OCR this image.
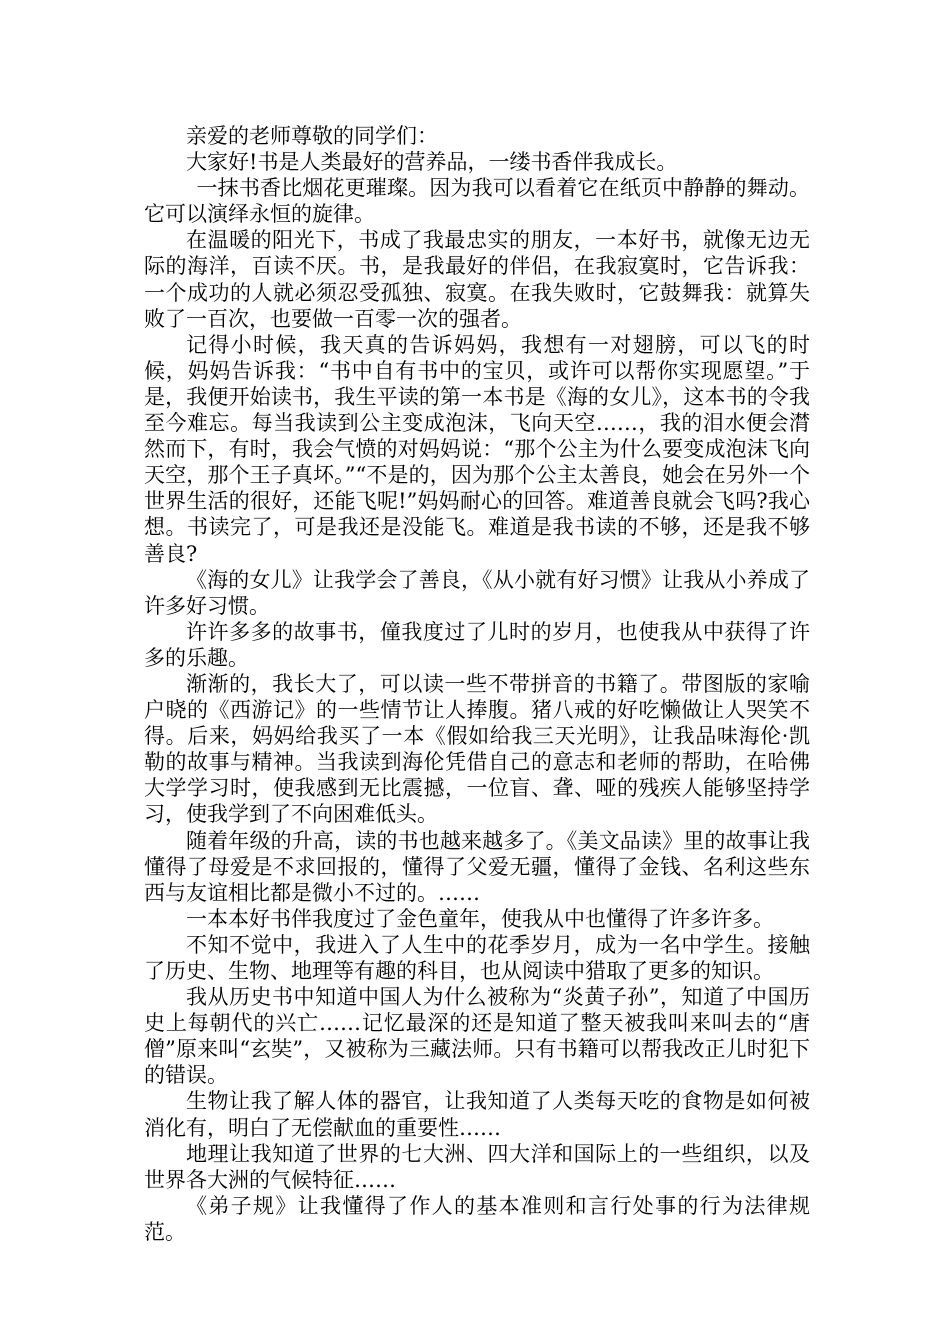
亲爱的老师尊敬的同学们：

大家好!书是人类最好的营养品，一缕书香伴我成长。

一抹书香比烟花更璀璨。因为我可以看着它在纸页中静静的舞动。它可以演绎永恒的旋律。

在温暖的阳光下，书成了我最忠实的朋友，一本好书，就像无边无际的海洋，百读不厌。书，是我最好的伴侣，在我寂寞时，它告诉我：一个成功的人就必须忍受孤独、寂寞。在我失败时，它鼓舞我：就算失败了一百次，也要做一百零一次的强者。

记得小时候，我天真的告诉妈妈，我想有一对翅膀，可以飞的时候，妈妈告诉我：“书中自有书中的宝贝，或许可以帮你实现愿望。”于是，我便开始读书，我生平读的第一本书是《海的女儿》，这本书的令我至今难忘。每当我读到公主变成泡沫，飞向天空……，我的泪水便会潸然而下，有时，我会气愤的对妈妈说：“那个公主为什么要变成泡沫飞向天空，那个王子真坏。”“不是的，因为那个公主太善良，她会在另外一个世界生活的很好，还能飞呢!”妈妈耐心的回答。难道善良就会飞吗?我心想。书读完了，可是我还是没能飞。难道是我书读的不够，还是我不够善良?

《海的女儿》让我学会了善良，《从小就有好习惯》让我从小养成了许多好习惯。

许许多多的故事书，僮我度过了儿时的岁月，也使我从中获得了许多的乐趣。

渐渐的，我长大了，可以读一些不带拼音的书籍了。带图版的家喻户晓的《西游记》的一些情节让人捧腹。猪八戒的好吃懒做让人哭笑不得。后来，妈妈给我买了一本《假如给我三天光明》，让我品味海伦·凯勒的故事与精神。当我读到海伦凭借自己的意志和老师的帮助，在哈佛大学学习时，使我感到无比震撼，一位盲、聋、哑的残疾人能够坚持学习，使我学到了不向困难低头。

随着年级的升高，读的书也越来越多了。《美文品读》里的故事让我懂得了母爱是不求回报的，懂得了父爱无疆，懂得了金钱、名利这些东西与友谊相比都是微小不过的。……

一本本好书伴我度过了金色童年，使我从中也懂得了许多许多。

不知不觉中，我进入了人生中的花季岁月，成为一名中学生。接触了历史、生物、地理等有趣的科目，也从阅读中猎取了更多的知识。

我从历史书中知道中国人为什么被称为“炎黄子孙”，知道了中国历史上每朝代的兴亡……记忆最深的还是知道了整天被我叫来叫去的“唐僧”原来叫“玄奘”，又被称为三藏法师。只有书籍可以帮我改正儿时犯下的错误。

生物让我了解人体的器官，让我知道了人类每天吃的食物是如何被消化有，明白了无偿献血的重要性……

地理让我知道了世界的七大洲、四大洋和国际上的一些组织，以及世界各大洲的气候特征……

《弟子规》让我懂得了作人的基本准则和言行处事的行为法律规范。
